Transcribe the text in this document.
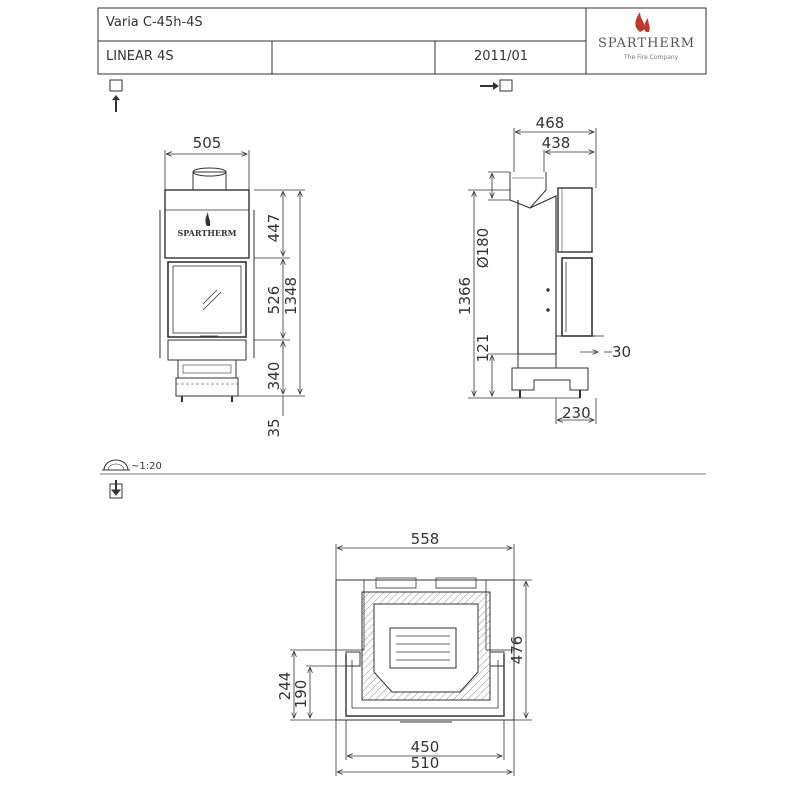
Varia C-45h-4S
LINEAR 4S	2011/01
SPARTHERM
The Fire Company
SPARTHERM
505
447
526
340
35
1348
468
438
Ø180
1366
121	30
230
~1:20
558
476
244
190
450
510
